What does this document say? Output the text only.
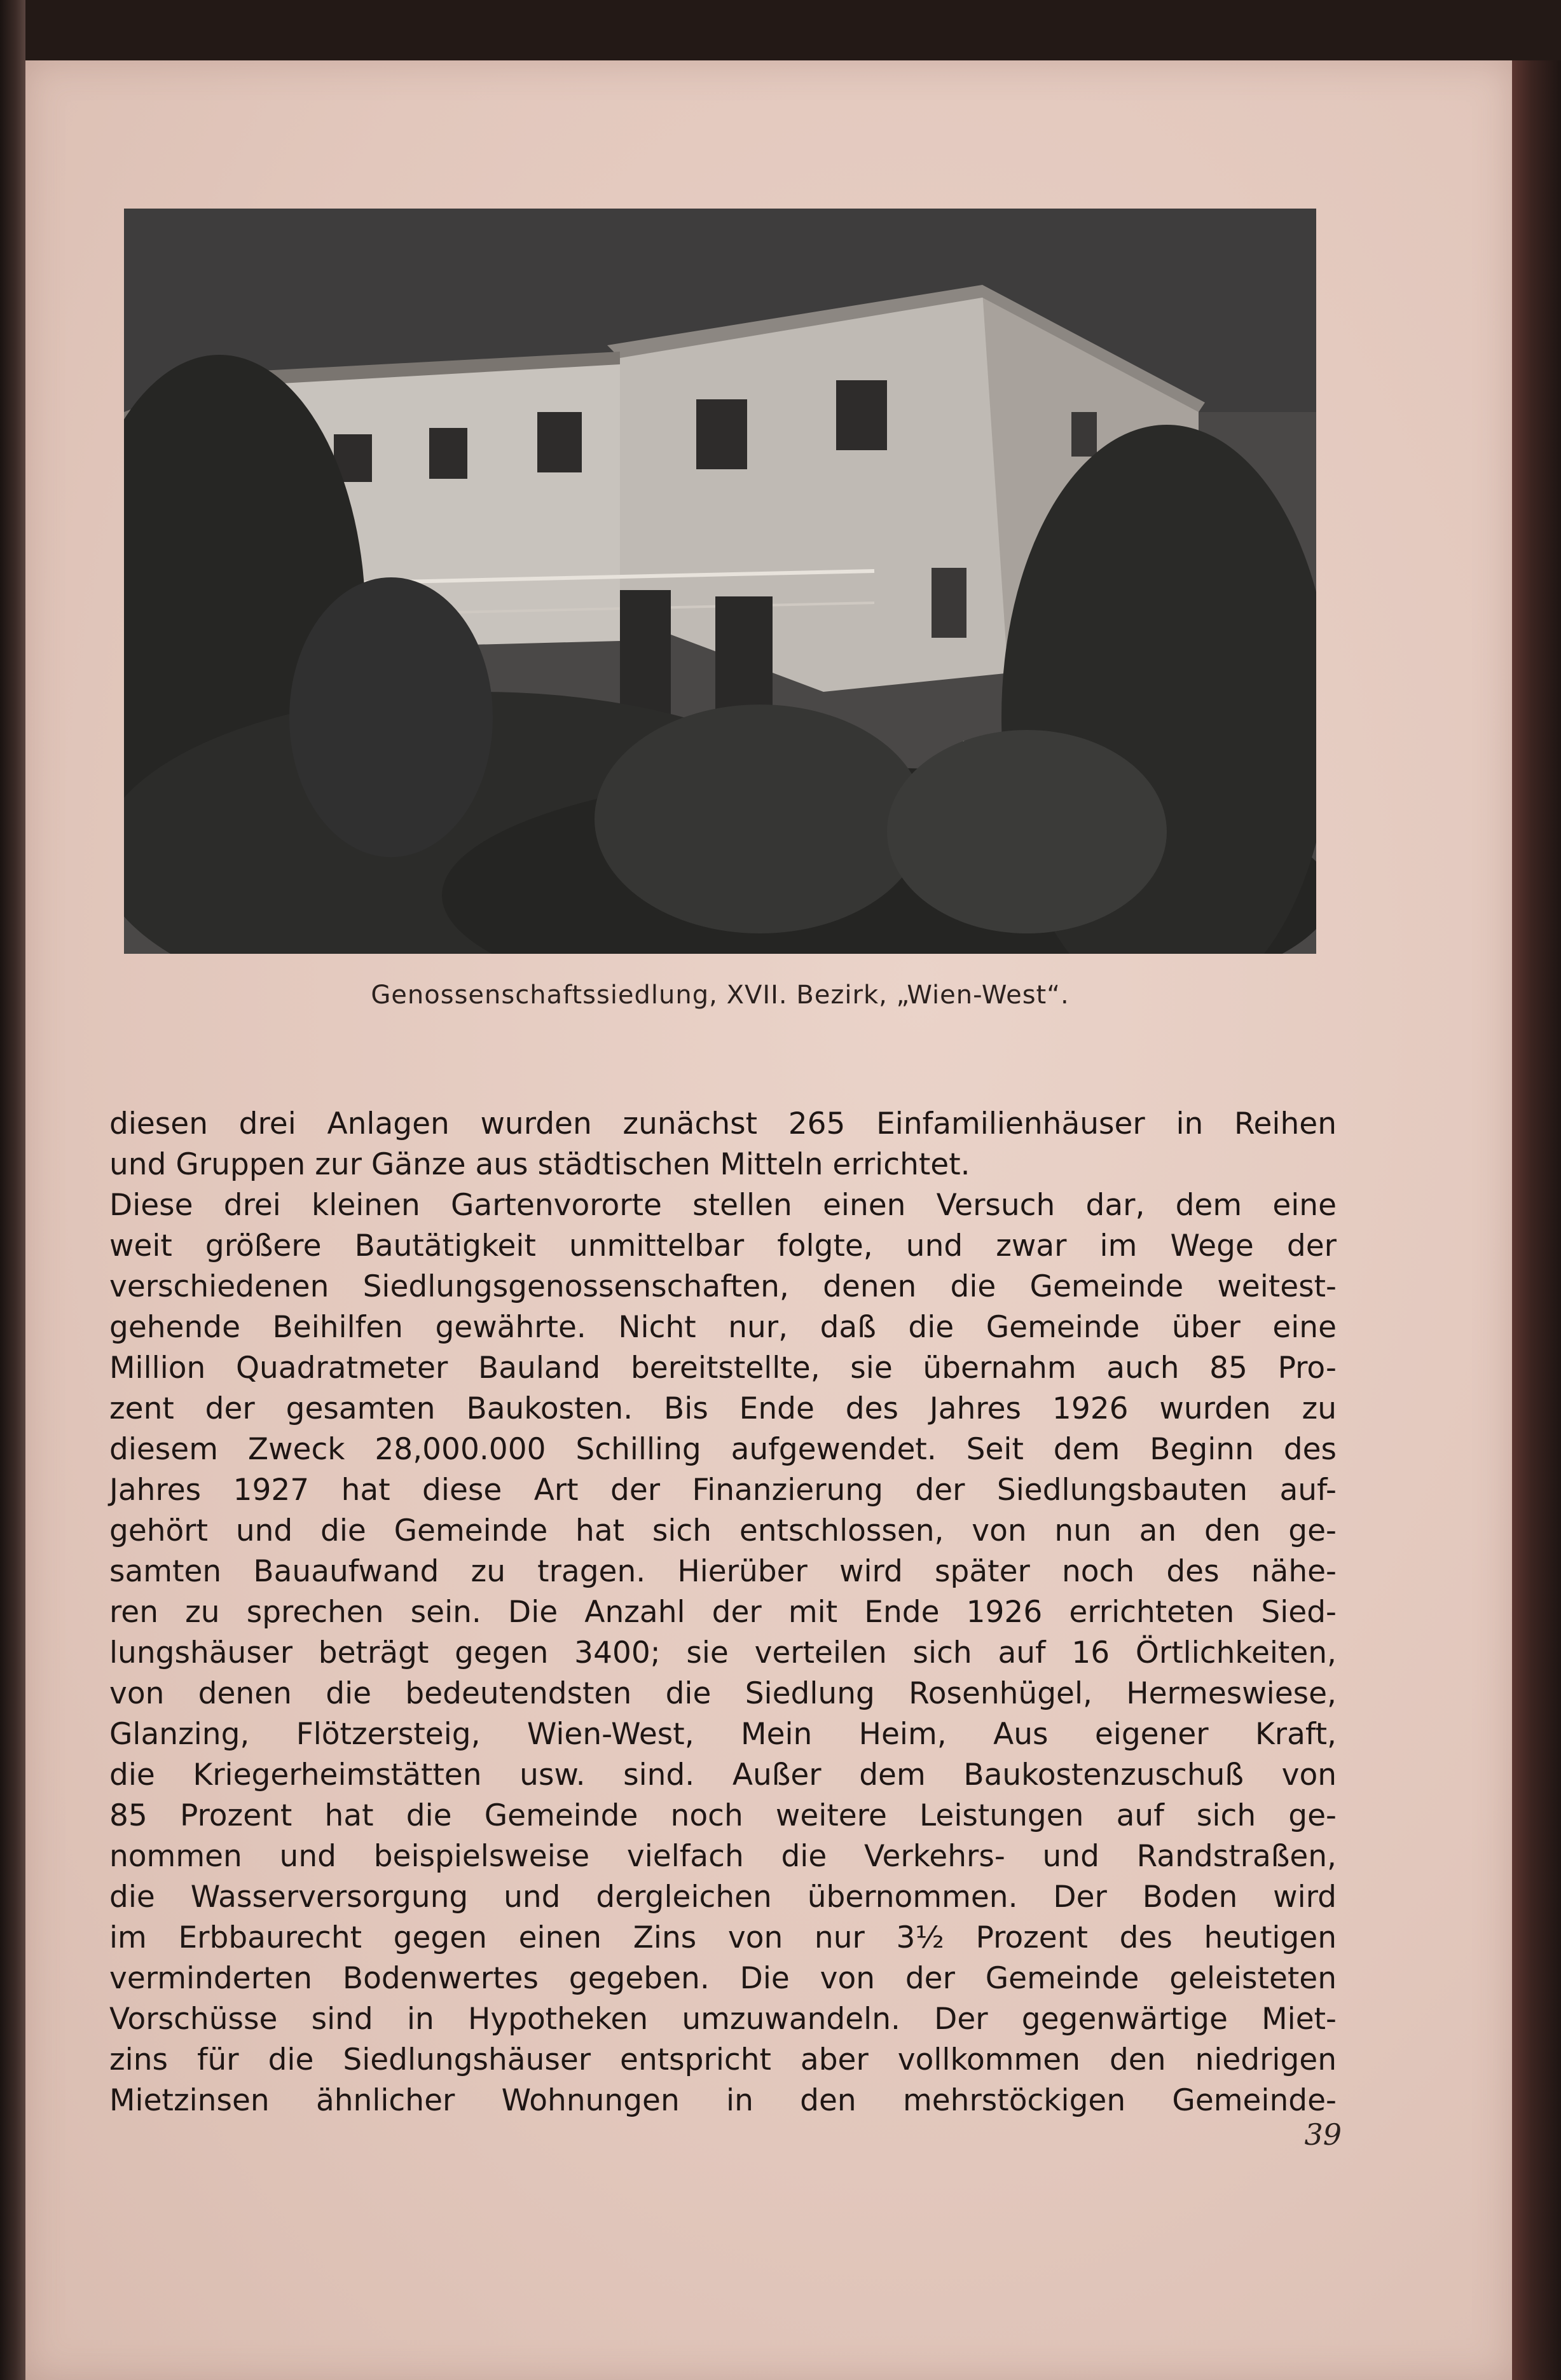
Genossenschaftssiedlung, XVII. Bezirk, „Wien-West“.
diesen drei Anlagen wurden zunächst 265 Einfamilienhäuser in Reihen
und Gruppen zur Gänze aus städtischen Mitteln errichtet.
Diese drei kleinen Gartenvororte stellen einen Versuch dar, dem eine
weit größere Bautätigkeit unmittelbar folgte, und zwar im Wege der
verschiedenen Siedlungsgenossenschaften, denen die Gemeinde weitest-
gehende Beihilfen gewährte. Nicht nur, daß die Gemeinde über eine
Million Quadratmeter Bauland bereitstellte, sie übernahm auch 85 Pro-
zent der gesamten Baukosten. Bis Ende des Jahres 1926 wurden zu
diesem Zweck 28,000.000 Schilling aufgewendet. Seit dem Beginn des
Jahres 1927 hat diese Art der Finanzierung der Siedlungsbauten auf-
gehört und die Gemeinde hat sich entschlossen, von nun an den ge-
samten Bauaufwand zu tragen. Hierüber wird später noch des nähe-
ren zu sprechen sein. Die Anzahl der mit Ende 1926 errichteten Sied-
lungshäuser beträgt gegen 3400; sie verteilen sich auf 16 Örtlichkeiten,
von denen die bedeutendsten die Siedlung Rosenhügel, Hermeswiese,
Glanzing, Flötzersteig, Wien-West, Mein Heim, Aus eigener Kraft,
die Kriegerheimstätten usw. sind. Außer dem Baukostenzuschuß von
85 Prozent hat die Gemeinde noch weitere Leistungen auf sich ge-
nommen und beispielsweise vielfach die Verkehrs- und Randstraßen,
die Wasserversorgung und dergleichen übernommen. Der Boden wird
im Erbbaurecht gegen einen Zins von nur 3½ Prozent des heutigen
verminderten Bodenwertes gegeben. Die von der Gemeinde geleisteten
Vorschüsse sind in Hypotheken umzuwandeln. Der gegenwärtige Miet-
zins für die Siedlungshäuser entspricht aber vollkommen den niedrigen
Mietzinsen ähnlicher Wohnungen in den mehrstöckigen Gemeinde-
39
